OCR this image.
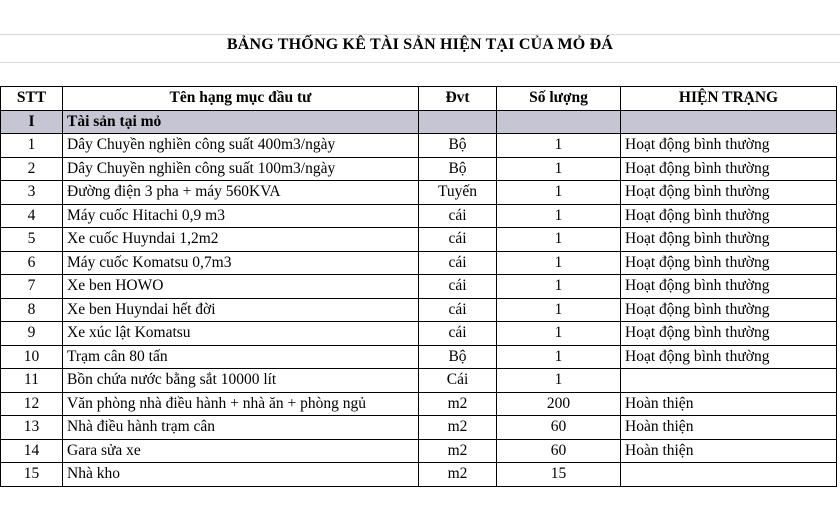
BẢNG THỐNG KÊ TÀI SẢN HIỆN TẠI CỦA MỎ ĐÁ
STT	Tên hạng mục đầu tư	Đvt	Số lượng	HIỆN TRẠNG
I	Tài sản tại mỏ			
1	Dây Chuyền nghiền công suất 400m3/ngày	Bộ	1	Hoạt động bình thường
2	Dây Chuyền nghiền công suất 100m3/ngày	Bộ	1	Hoạt động bình thường
3	Đường điện 3 pha + máy 560KVA	Tuyến	1	Hoạt động bình thường
4	Máy cuốc Hitachi 0,9 m3	cái	1	Hoạt động bình thường
5	Xe cuốc Huyndai 1,2m2	cái	1	Hoạt động bình thường
6	Máy cuốc Komatsu 0,7m3	cái	1	Hoạt động bình thường
7	Xe ben HOWO	cái	1	Hoạt động bình thường
8	Xe ben Huyndai hết đời	cái	1	Hoạt động bình thường
9	Xe xúc lật Komatsu	cái	1	Hoạt động bình thường
10	Trạm cân 80 tấn	Bộ	1	Hoạt động bình thường
11	Bồn chứa nước bằng sắt 10000 lít	Cái	1	
12	Văn phòng nhà điều hành + nhà ăn + phòng ngủ	m2	200	Hoàn thiện
13	Nhà điều hành trạm cân	m2	60	Hoàn thiện
14	Gara sửa xe	m2	60	Hoàn thiện
15	Nhà kho	m2	15	
